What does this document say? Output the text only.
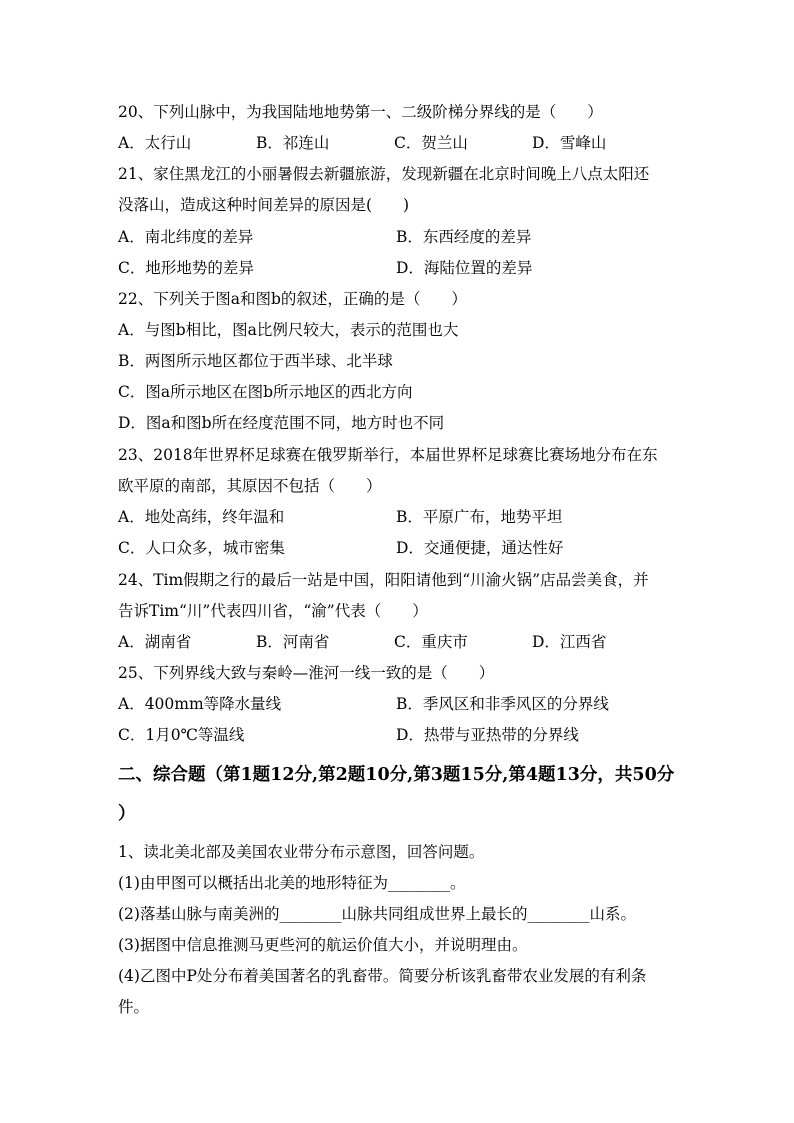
20、下列山脉中，为我国陆地地势第一、二级阶梯分界线的是（　　）

A．太行山	B．祁连山	C．贺兰山	D．雪峰山

21、家住黑龙江的小丽暑假去新疆旅游，发现新疆在北京时间晚上八点太阳还

没落山，造成这种时间差异的原因是(　　)

A．南北纬度的差异	B．东西经度的差异
C．地形地势的差异	D．海陆位置的差异

22、下列关于图a和图b的叙述，正确的是（　　）

A．与图b相比，图a比例尺较大，表示的范围也大

B．两图所示地区都位于西半球、北半球

C．图a所示地区在图b所示地区的西北方向

D．图a和图b所在经度范围不同，地方时也不同

23、2018年世界杯足球赛在俄罗斯举行，本届世界杯足球赛比赛场地分布在东

欧平原的南部，其原因不包括（　　）

A．地处高纬，终年温和	B．平原广布，地势平坦
C．人口众多，城市密集	D．交通便捷，通达性好

24、Tim假期之行的最后一站是中国，阳阳请他到“川渝火锅”店品尝美食，并

告诉Tim“川”代表四川省，“渝”代表（　　）

A．湖南省	B．河南省	C．重庆市	D．江西省

25、下列界线大致与秦岭—淮河一线一致的是（　　）

A．400mm等降水量线	B．季风区和非季风区的分界线
C．1月0℃等温线	D．热带与亚热带的分界线

二、综合题（第1题12分,第2题10分,第3题15分,第4题13分，共50分

）

1、读北美北部及美国农业带分布示意图，回答问题。

(1)由甲图可以概括出北美的地形特征为________。

(2)落基山脉与南美洲的________山脉共同组成世界上最长的________山系。

(3)据图中信息推测马更些河的航运价值大小，并说明理由。

(4)乙图中P处分布着美国著名的乳畜带。简要分析该乳畜带农业发展的有利条

件。
